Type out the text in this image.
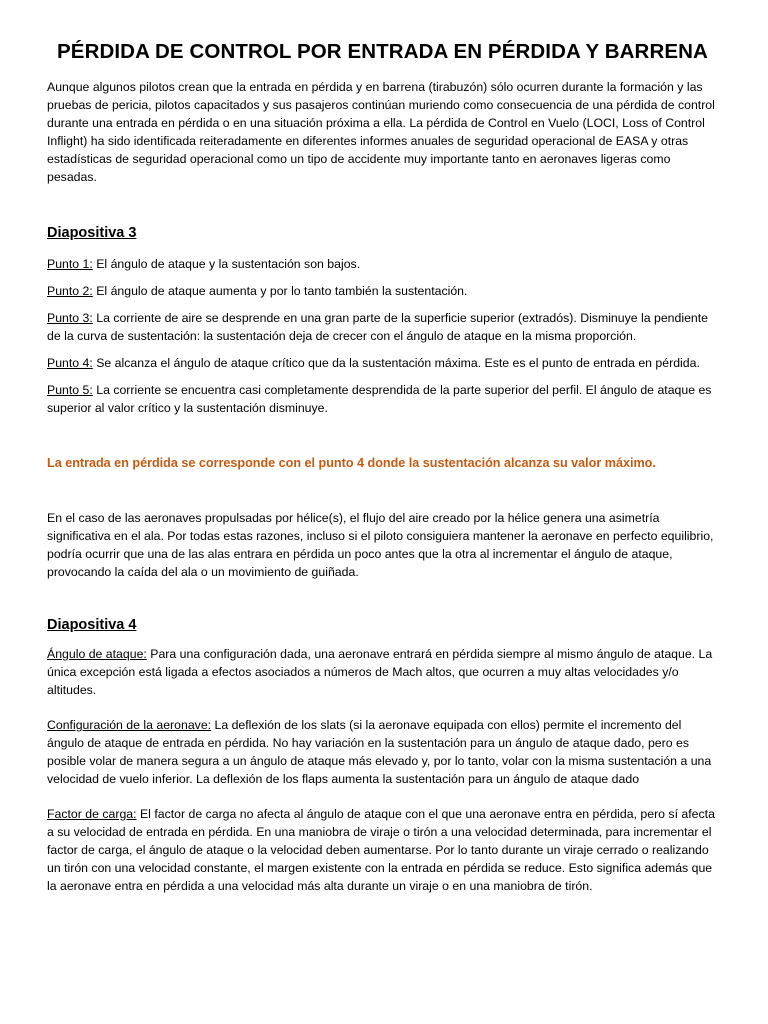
PÉRDIDA DE CONTROL POR ENTRADA EN PÉRDIDA Y BARRENA

Aunque algunos pilotos crean que la entrada en pérdida y en barrena (tirabuzón) sólo ocurren durante la formación y las pruebas de pericia, pilotos capacitados y sus pasajeros continúan muriendo como consecuencia de una pérdida de control durante una entrada en pérdida o en una situación próxima a ella. La pérdida de Control en Vuelo (LOCI, Loss of Control Inflight) ha sido identificada reiteradamente en diferentes informes anuales de seguridad operacional de EASA y otras estadísticas de seguridad operacional como un tipo de accidente muy importante tanto en aeronaves ligeras como pesadas.

Diapositiva 3

Punto 1: El ángulo de ataque y la sustentación son bajos.

Punto 2: El ángulo de ataque aumenta y por lo tanto también la sustentación.

Punto 3: La corriente de aire se desprende en una gran parte de la superficie superior (extradós). Disminuye la pendiente de la curva de sustentación: la sustentación deja de crecer con el ángulo de ataque en la misma proporción.

Punto 4: Se alcanza el ángulo de ataque crítico que da la sustentación máxima. Este es el punto de entrada en pérdida.

Punto 5: La corriente se encuentra casi completamente desprendida de la parte superior del perfil. El ángulo de ataque es superior al valor crítico y la sustentación disminuye.

La entrada en pérdida se corresponde con el punto 4 donde la sustentación alcanza su valor máximo.

En el caso de las aeronaves propulsadas por hélice(s), el flujo del aire creado por la hélice genera una asimetría significativa en el ala. Por todas estas razones, incluso si el piloto consiguiera mantener la aeronave en perfecto equilibrio, podría ocurrir que una de las alas entrara en pérdida un poco antes que la otra al incrementar el ángulo de ataque, provocando la caída del ala o un movimiento de guiñada.

Diapositiva 4

Ángulo de ataque: Para una configuración dada, una aeronave entrará en pérdida siempre al mismo ángulo de ataque. La única excepción está ligada a efectos asociados a números de Mach altos, que ocurren a muy altas velocidades y/o altitudes.

Configuración de la aeronave: La deflexión de los slats (si la aeronave equipada con ellos) permite el incremento del ángulo de ataque de entrada en pérdida. No hay variación en la sustentación para un ángulo de ataque dado, pero es posible volar de manera segura a un ángulo de ataque más elevado y, por lo tanto, volar con la misma sustentación a una velocidad de vuelo inferior. La deflexión de los flaps aumenta la sustentación para un ángulo de ataque dado

Factor de carga: El factor de carga no afecta al ángulo de ataque con el que una aeronave entra en pérdida, pero sí afecta a su velocidad de entrada en pérdida. En una maniobra de viraje o tirón a una velocidad determinada, para incrementar el factor de carga, el ángulo de ataque o la velocidad deben aumentarse. Por lo tanto durante un viraje cerrado o realizando un tirón con una velocidad constante, el margen existente con la entrada en pérdida se reduce. Esto significa además que la aeronave entra en pérdida a una velocidad más alta durante un viraje o en una maniobra de tirón.
